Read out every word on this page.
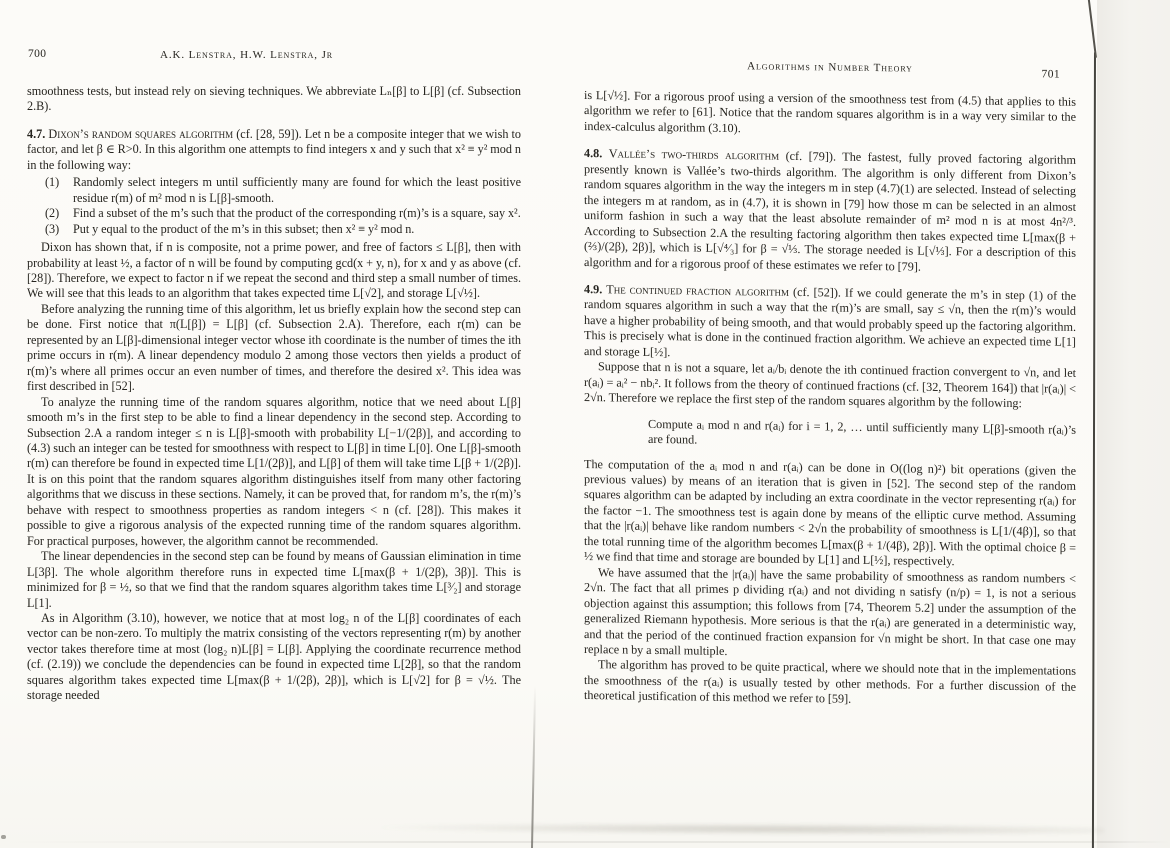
700	A.K. Lenstra, H.W. Lenstra, Jr

smoothness tests, but instead rely on sieving techniques. We abbreviate Lₙ[β] to L[β] (cf. Subsection 2.B).

4.7. Dixon’s random squares algorithm (cf. [28, 59]). Let n be a composite integer that we wish to factor, and let β ∈ R>0. In this algorithm one attempts to find integers x and y such that x² ≡ y² mod n in the following way:

(1) Randomly select integers m until sufficiently many are found for which the least positive residue r(m) of m² mod n is L[β]-smooth.

(2) Find a subset of the m’s such that the product of the corresponding r(m)’s is a square, say x².

(3) Put y equal to the product of the m’s in this subset; then x² ≡ y² mod n.

Dixon has shown that, if n is composite, not a prime power, and free of factors ≤ L[β], then with probability at least ½, a factor of n will be found by computing gcd(x + y, n), for x and y as above (cf. [28]). Therefore, we expect to factor n if we repeat the second and third step a small number of times. We will see that this leads to an algorithm that takes expected time L[√2], and storage L[√½].

Before analyzing the running time of this algorithm, let us briefly explain how the second step can be done. First notice that π(L[β]) = L[β] (cf. Subsection 2.A). Therefore, each r(m) can be represented by an L[β]-dimensional integer vector whose ith coordinate is the number of times the ith prime occurs in r(m). A linear dependency modulo 2 among those vectors then yields a product of r(m)’s where all primes occur an even number of times, and therefore the desired x². This idea was first described in [52].

To analyze the running time of the random squares algorithm, notice that we need about L[β] smooth m’s in the first step to be able to find a linear dependency in the second step. According to Subsection 2.A a random integer ≤ n is L[β]-smooth with probability L[−1/(2β)], and according to (4.3) such an integer can be tested for smoothness with respect to L[β] in time L[0]. One L[β]-smooth r(m) can therefore be found in expected time L[1/(2β)], and L[β] of them will take time L[β + 1/(2β)]. It is on this point that the random squares algorithm distinguishes itself from many other factoring algorithms that we discuss in these sections. Namely, it can be proved that, for random m’s, the r(m)’s behave with respect to smoothness properties as random integers < n (cf. [28]). This makes it possible to give a rigorous analysis of the expected running time of the random squares algorithm. For practical purposes, however, the algorithm cannot be recommended.

The linear dependencies in the second step can be found by means of Gaussian elimination in time L[3β]. The whole algorithm therefore runs in expected time L[max(β + 1/(2β), 3β)]. This is minimized for β = ½, so that we find that the random squares algorithm takes time L[³⁄₂] and storage L[1].

As in Algorithm (3.10), however, we notice that at most log₂ n of the L[β] coordinates of each vector can be non-zero. To multiply the matrix consisting of the vectors representing r(m) by another vector takes therefore time at most (log₂ n)L[β] = L[β]. Applying the coordinate recurrence method (cf. (2.19)) we conclude the dependencies can be found in expected time L[2β], so that the random squares algorithm takes expected time L[max(β + 1/(2β), 2β)], which is L[√2] for β = √½. The storage needed

Algorithms in Number Theory	701

is L[√½]. For a rigorous proof using a version of the smoothness test from (4.5) that applies to this algorithm we refer to [61]. Notice that the random squares algorithm is in a way very similar to the index-calculus algorithm (3.10).

4.8. Vallée’s two-thirds algorithm (cf. [79]). The fastest, fully proved factoring algorithm presently known is Vallée’s two-thirds algorithm. The algorithm is only different from Dixon’s random squares algorithm in the way the integers m in step (4.7)(1) are selected. Instead of selecting the integers m at random, as in (4.7), it is shown in [79] how those m can be selected in an almost uniform fashion in such a way that the least absolute remainder of m² mod n is at most 4n²/³. According to Subsection 2.A the resulting factoring algorithm then takes expected time L[max(β + (⅔)/(2β), 2β)], which is L[√⁴⁄₃] for β = √⅓. The storage needed is L[√⅓]. For a description of this algorithm and for a rigorous proof of these estimates we refer to [79].

4.9. The continued fraction algorithm (cf. [52]). If we could generate the m’s in step (1) of the random squares algorithm in such a way that the r(m)’s are small, say ≤ √n, then the r(m)’s would have a higher probability of being smooth, and that would probably speed up the factoring algorithm. This is precisely what is done in the continued fraction algorithm. We achieve an expected time L[1] and storage L[½].

Suppose that n is not a square, let aᵢ/bᵢ denote the ith continued fraction convergent to √n, and let r(aᵢ) = aᵢ² − nbᵢ². It follows from the theory of continued fractions (cf. [32, Theorem 164]) that |r(aᵢ)| < 2√n. Therefore we replace the first step of the random squares algorithm by the following:

Compute aᵢ mod n and r(aᵢ) for i = 1, 2, … until sufficiently many L[β]-smooth r(aᵢ)’s are found.

The computation of the aᵢ mod n and r(aᵢ) can be done in O((log n)²) bit operations (given the previous values) by means of an iteration that is given in [52]. The second step of the random squares algorithm can be adapted by including an extra coordinate in the vector representing r(aᵢ) for the factor −1. The smoothness test is again done by means of the elliptic curve method. Assuming that the |r(aᵢ)| behave like random numbers < 2√n the probability of smoothness is L[1/(4β)], so that the total running time of the algorithm becomes L[max(β + 1/(4β), 2β)]. With the optimal choice β = ½ we find that time and storage are bounded by L[1] and L[½], respectively.

We have assumed that the |r(aᵢ)| have the same probability of smoothness as random numbers < 2√n. The fact that all primes p dividing r(aᵢ) and not dividing n satisfy (n/p) = 1, is not a serious objection against this assumption; this follows from [74, Theorem 5.2] under the assumption of the generalized Riemann hypothesis. More serious is that the r(aᵢ) are generated in a deterministic way, and that the period of the continued fraction expansion for √n might be short. In that case one may replace n by a small multiple.

The algorithm has proved to be quite practical, where we should note that in the implementations the smoothness of the r(aᵢ) is usually tested by other methods. For a further discussion of the theoretical justification of this method we refer to [59].
